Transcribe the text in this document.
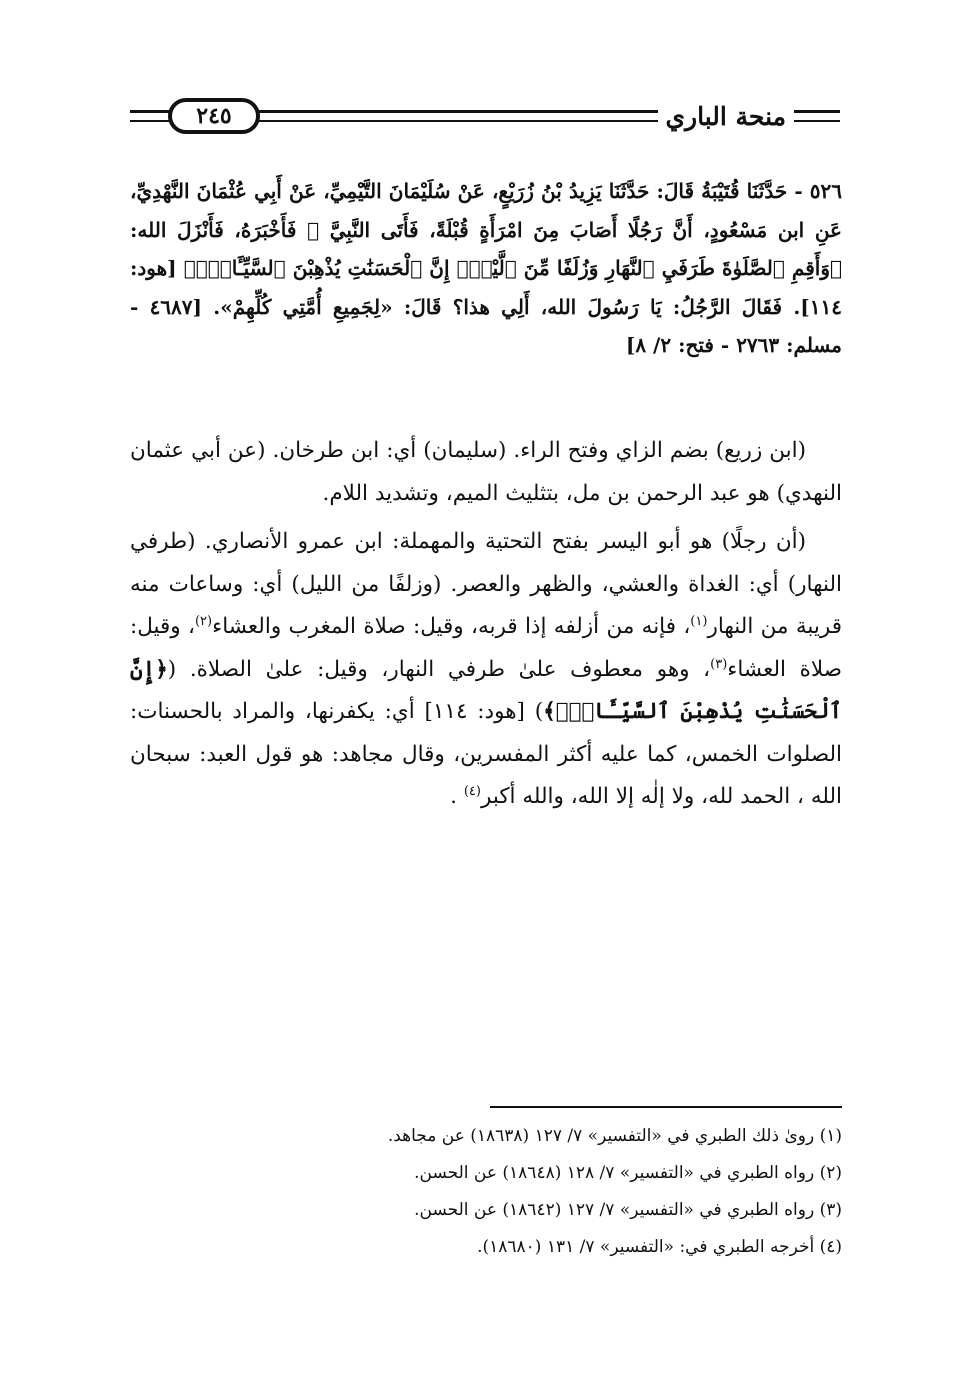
منحة الباري
٢٤٥
٥٢٦ - حَدَّثَنَا قُتَيْبَةُ قَالَ: حَدَّثَنَا يَزِيدُ بْنُ زُرَيْعٍ، عَنْ سُلَيْمَانَ التَّيْمِيِّ، عَنْ أَبِي عُثْمَانَ النَّهْدِيِّ، عَنِ ابن مَسْعُودٍ، أَنَّ رَجُلًا أَصَابَ مِنَ امْرَأَةٍ قُبْلَةً، فَأَتَى النَّبِيَّ ﷺ فَأَخْبَرَهُ، فَأَنْزَلَ الله: ﴿وَأَقِمِ ٱلصَّلَوٰةَ طَرَفَيِ ٱلنَّهَارِ وَزُلَفًا مِّنَ ٱلَّيْلِۚ إِنَّ ٱلْحَسَنَٰتِ يُذْهِبْنَ ٱلسَّيِّـَٔاتِۚ﴾ [هود: ١١٤]. فَقَالَ الرَّجُلُ: يَا رَسُولَ الله، أَلِي هذا؟ قَالَ: «لِجَمِيعِ أُمَّتِي كُلِّهِمْ». [٤٦٨٧ - مسلم: ٢٧٦٣ - فتح: ٢/ ٨]

(ابن زريع) بضم الزاي وفتح الراء. (سليمان) أي: ابن طرخان. (عن أبي عثمان النهدي) هو عبد الرحمن بن مل، بتثليث الميم، وتشديد اللام.

(أن رجلًا) هو أبو اليسر بفتح التحتية والمهملة: ابن عمرو الأنصاري. (طرفي النهار) أي: الغداة والعشي، والظهر والعصر. (وزلفًا من الليل) أي: وساعات منه قريبة من النهار$^{(١)}$، فإنه من أزلفه إذا قربه، وقيل: صلاة المغرب والعشاء$^{(٢)}$، وقيل: صلاة العشاء$^{(٣)}$، وهو معطوف علىٰ طرفي النهار، وقيل: علىٰ الصلاة. (﴿إِنَّ ٱلْحَسَنَٰتِ يُذْهِبْنَ ٱلسَّيِّـَٔاتِۚ﴾) [هود: ١١٤] أي: يكفرنها، والمراد بالحسنات: الصلوات الخمس، كما عليه أكثر المفسرين، وقال مجاهد: هو قول العبد: سبحان الله ، الحمد لله، ولا إلٰه إلا الله، والله أكبر$^{(٤)}$ .

(١) رویٰ ذلك الطبري في «التفسير» ٧/ ١٢٧ (١٨٦٣٨) عن مجاهد.
(٢) رواه الطبري في «التفسير» ٧/ ١٢٨ (١٨٦٤٨) عن الحسن.
(٣) رواه الطبري في «التفسير» ٧/ ١٢٧ (١٨٦٤٢) عن الحسن.
(٤) أخرجه الطبري في: «التفسير» ٧/ ١٣١ (١٨٦٨٠).
